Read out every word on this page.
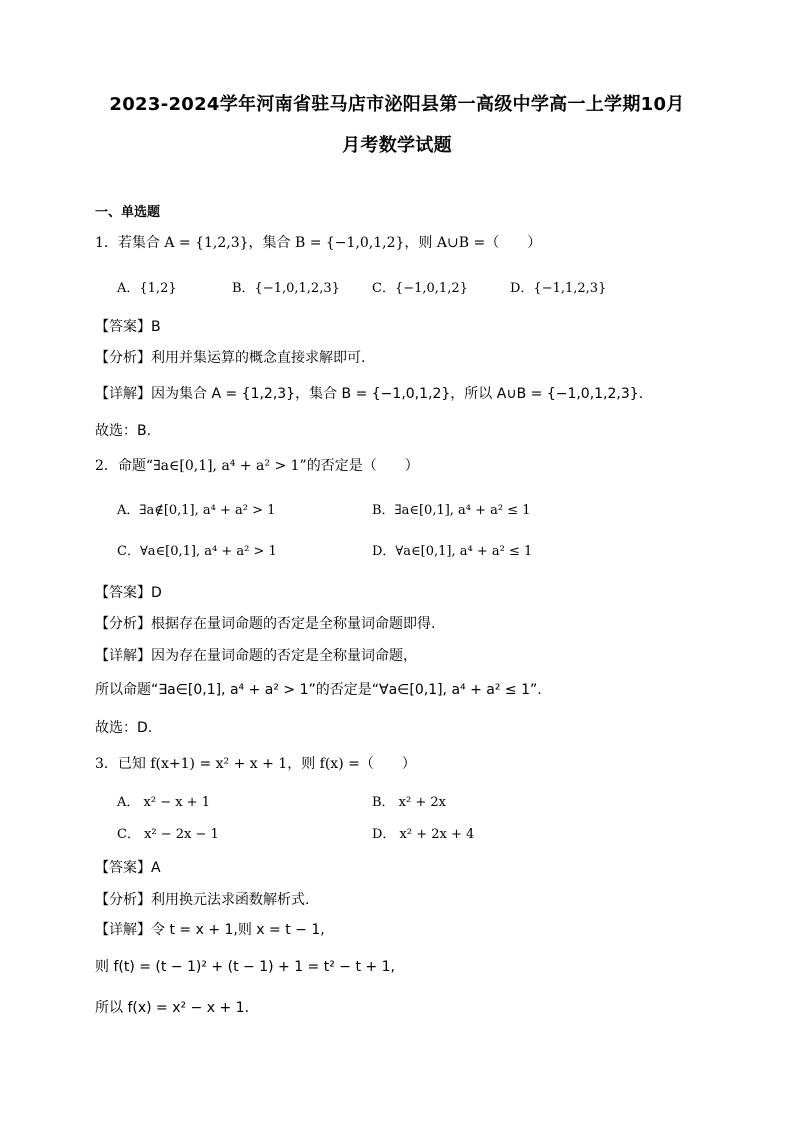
2023-2024学年河南省驻马店市泌阳县第一高级中学高一上学期10月
月考数学试题
一、单选题
1．若集合 A = {1,2,3}，集合 B = {−1,0,1,2}，则 A∪B =（　　）
A．{1,2}	B．{−1,0,1,2,3} C．{−1,0,1,2}	D．{−1,1,2,3}
【答案】B
【分析】利用并集运算的概念直接求解即可.
【详解】因为集合 A = {1,2,3}，集合 B = {−1,0,1,2}，所以 A∪B = {−1,0,1,2,3}.
故选：B.
2．命题“∃a∈[0,1], a⁴ + a² > 1”的否定是（　　）
A．∃a∉[0,1], a⁴ + a² > 1	B．∃a∈[0,1], a⁴ + a² ≤ 1
C．∀a∈[0,1], a⁴ + a² > 1	D．∀a∈[0,1], a⁴ + a² ≤ 1
【答案】D
【分析】根据存在量词命题的否定是全称量词命题即得.
【详解】因为存在量词命题的否定是全称量词命题，
所以命题“∃a∈[0,1], a⁴ + a² > 1”的否定是“∀a∈[0,1], a⁴ + a² ≤ 1”.
故选：D.
3．已知 f(x+1) = x² + x + 1，则 f(x) =（　　）
A． x² − x + 1	B． x² + 2x
C． x² − 2x − 1	D． x² + 2x + 4
【答案】A
【分析】利用换元法求函数解析式.
【详解】令 t = x + 1,则 x = t − 1,
则 f(t) = (t − 1)² + (t − 1) + 1 = t² − t + 1,
所以 f(x) = x² − x + 1.
